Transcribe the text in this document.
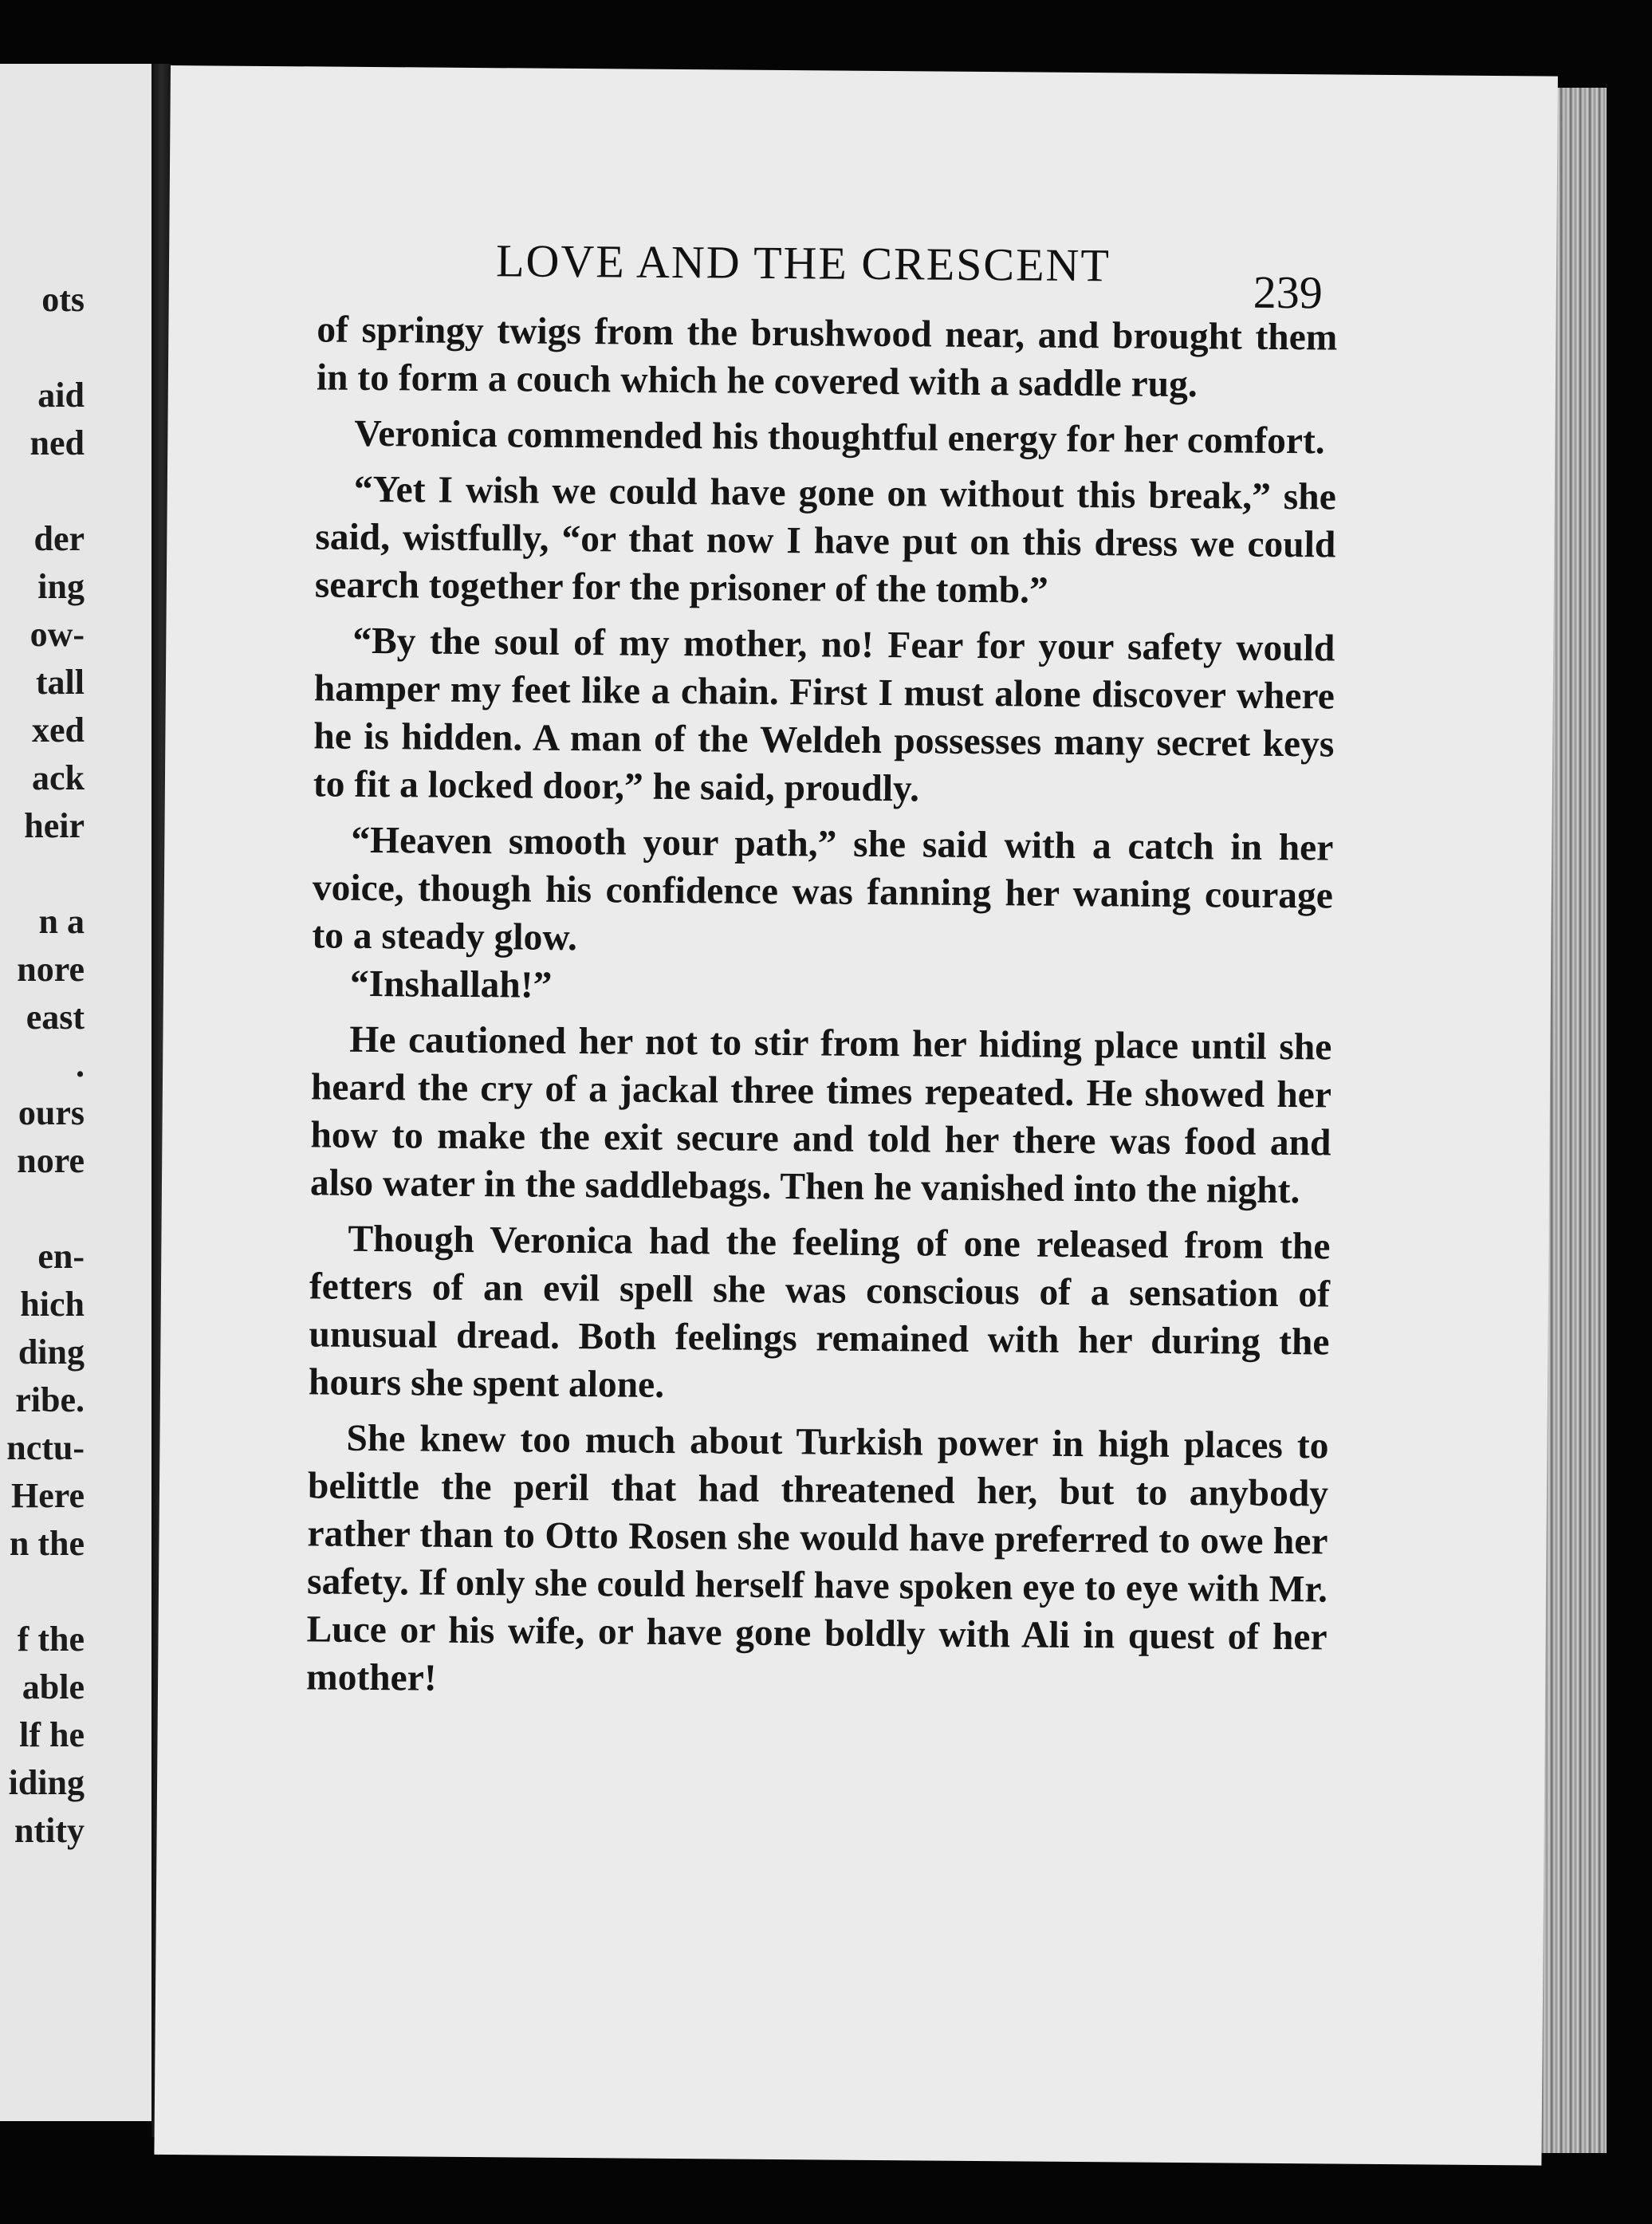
ots
aid
ned
der
ing
ow-
tall
xed
ack
heir
n a
nore
east
.
ours
nore
en-
hich
ding
ribe.
nctu-
Here
n the
f the
able
lf he
iding
ntity
LOVE AND THE CRESCENT
239

of springy twigs from the brushwood near, and brought them in to form a couch which he covered with a saddle rug.

Veronica commended his thoughtful energy for her comfort.

“Yet I wish we could have gone on without this break,” she said, wistfully, “or that now I have put on this dress we could search together for the prisoner of the tomb.”

“By the soul of my mother, no! Fear for your safety would hamper my feet like a chain. First I must alone discover where he is hidden. A man of the Weldeh possesses many secret keys to fit a locked door,” he said, proudly.

“Heaven smooth your path,” she said with a catch in her voice, though his confidence was fanning her waning courage to a steady glow.

“Inshallah!”

He cautioned her not to stir from her hiding place until she heard the cry of a jackal three times repeated. He showed her how to make the exit secure and told her there was food and also water in the saddlebags. Then he vanished into the night.

Though Veronica had the feeling of one released from the fetters of an evil spell she was conscious of a sensation of unusual dread. Both feelings remained with her during the hours she spent alone.

She knew too much about Turkish power in high places to belittle the peril that had threatened her, but to anybody rather than to Otto Rosen she would have preferred to owe her safety. If only she could herself have spoken eye to eye with Mr. Luce or his wife, or have gone boldly with Ali in quest of her mother!
